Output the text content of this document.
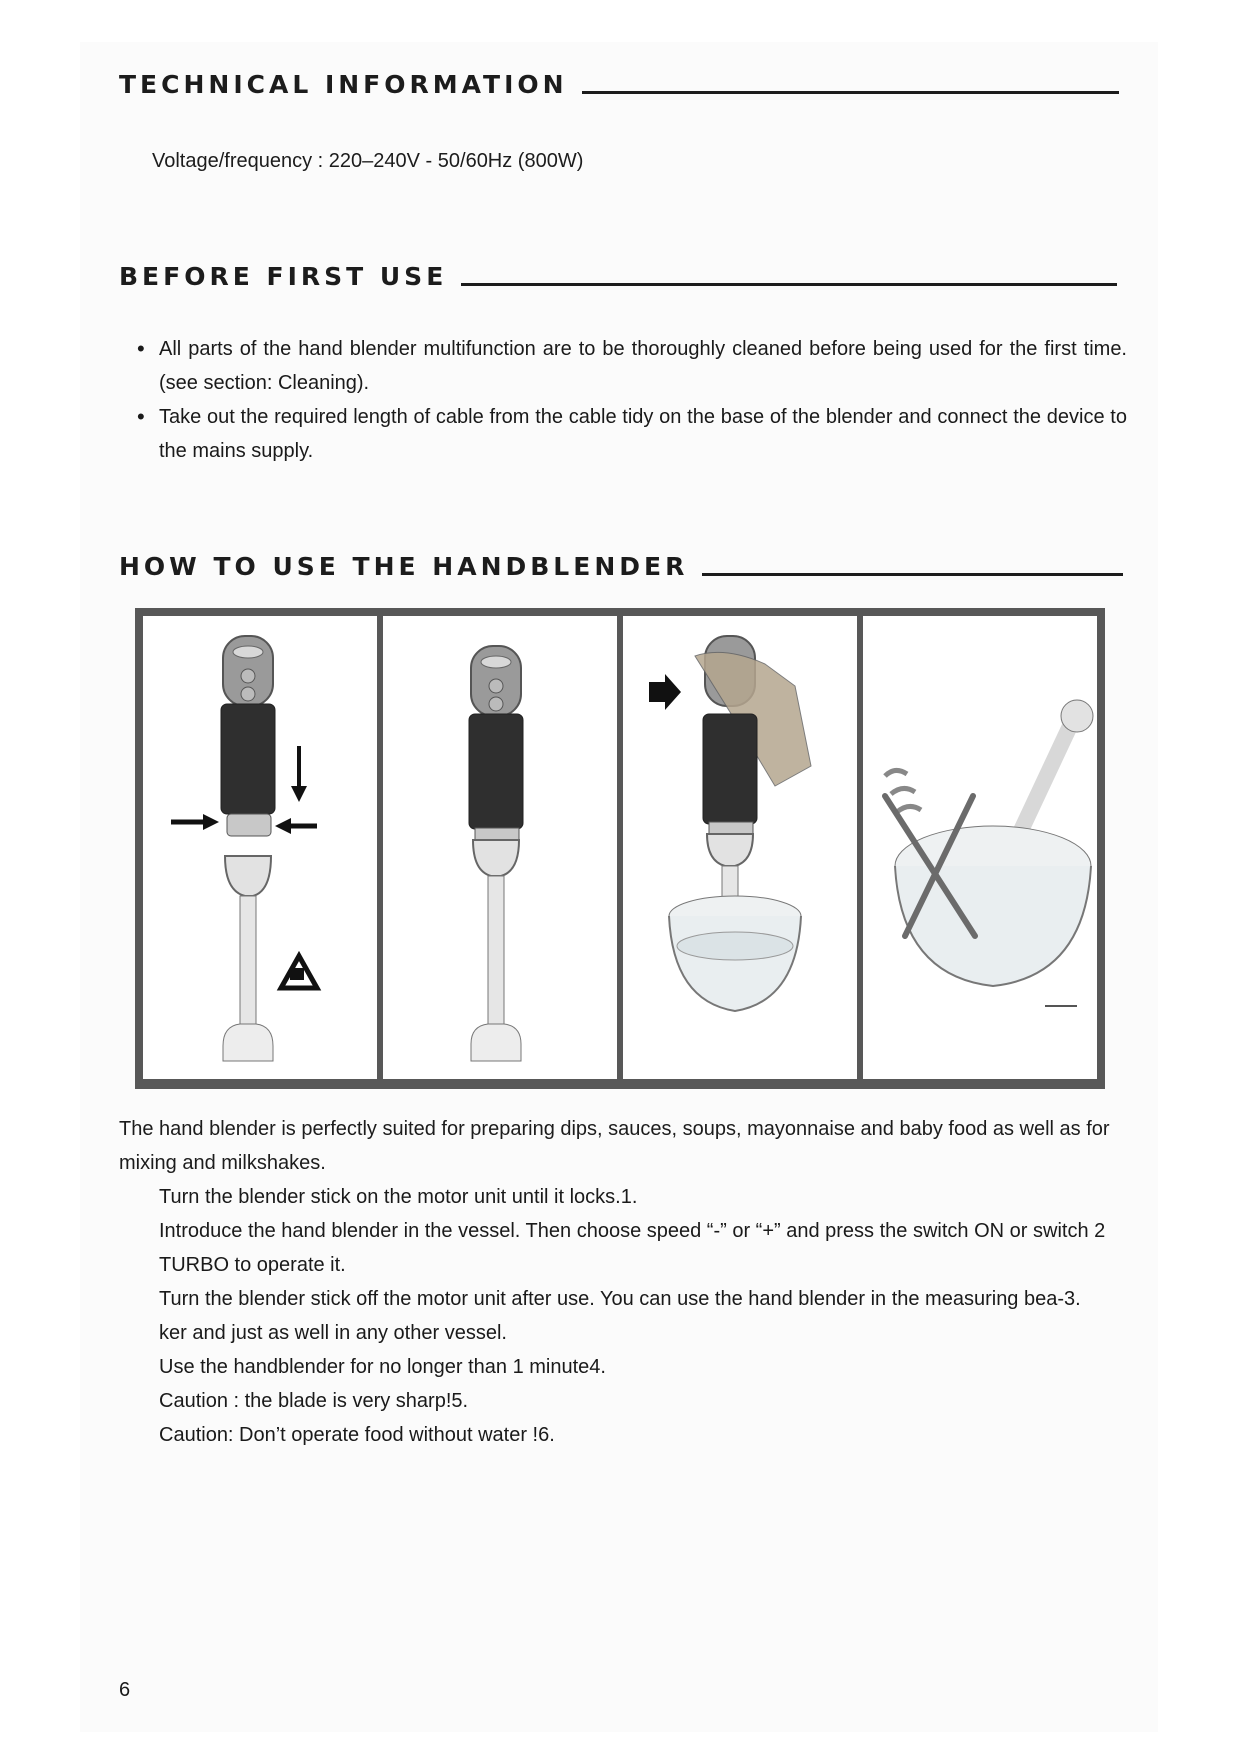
TECHNICAL INFORMATION
Voltage/frequency : 220–240V - 50/60Hz (800W)
BEFORE FIRST USE
• All parts of the hand blender multifunction are to be thoroughly cleaned before being used for the first time. (see section: Cleaning).
• Take out the required length of cable from the cable tidy on the base of the blender and connect the device to the mains supply.
HOW TO USE THE HANDBLENDER
The hand blender is perfectly suited for preparing dips, sauces, soups, mayonnaise and baby food as well as for mixing and milkshakes.
Turn the blender stick on the motor unit until it locks.1.
Introduce the hand blender in the vessel. Then choose speed “-” or “+” and press the switch ON or switch 2
TURBO to operate it.
Turn the blender stick off the motor unit after use. You can use the hand blender in the measuring bea-3.
ker and just as well in any other vessel.
Use the handblender for no longer than 1 minute4.
Caution : the blade is very sharp!5.
Caution: Don’t operate food without water !6.
6
